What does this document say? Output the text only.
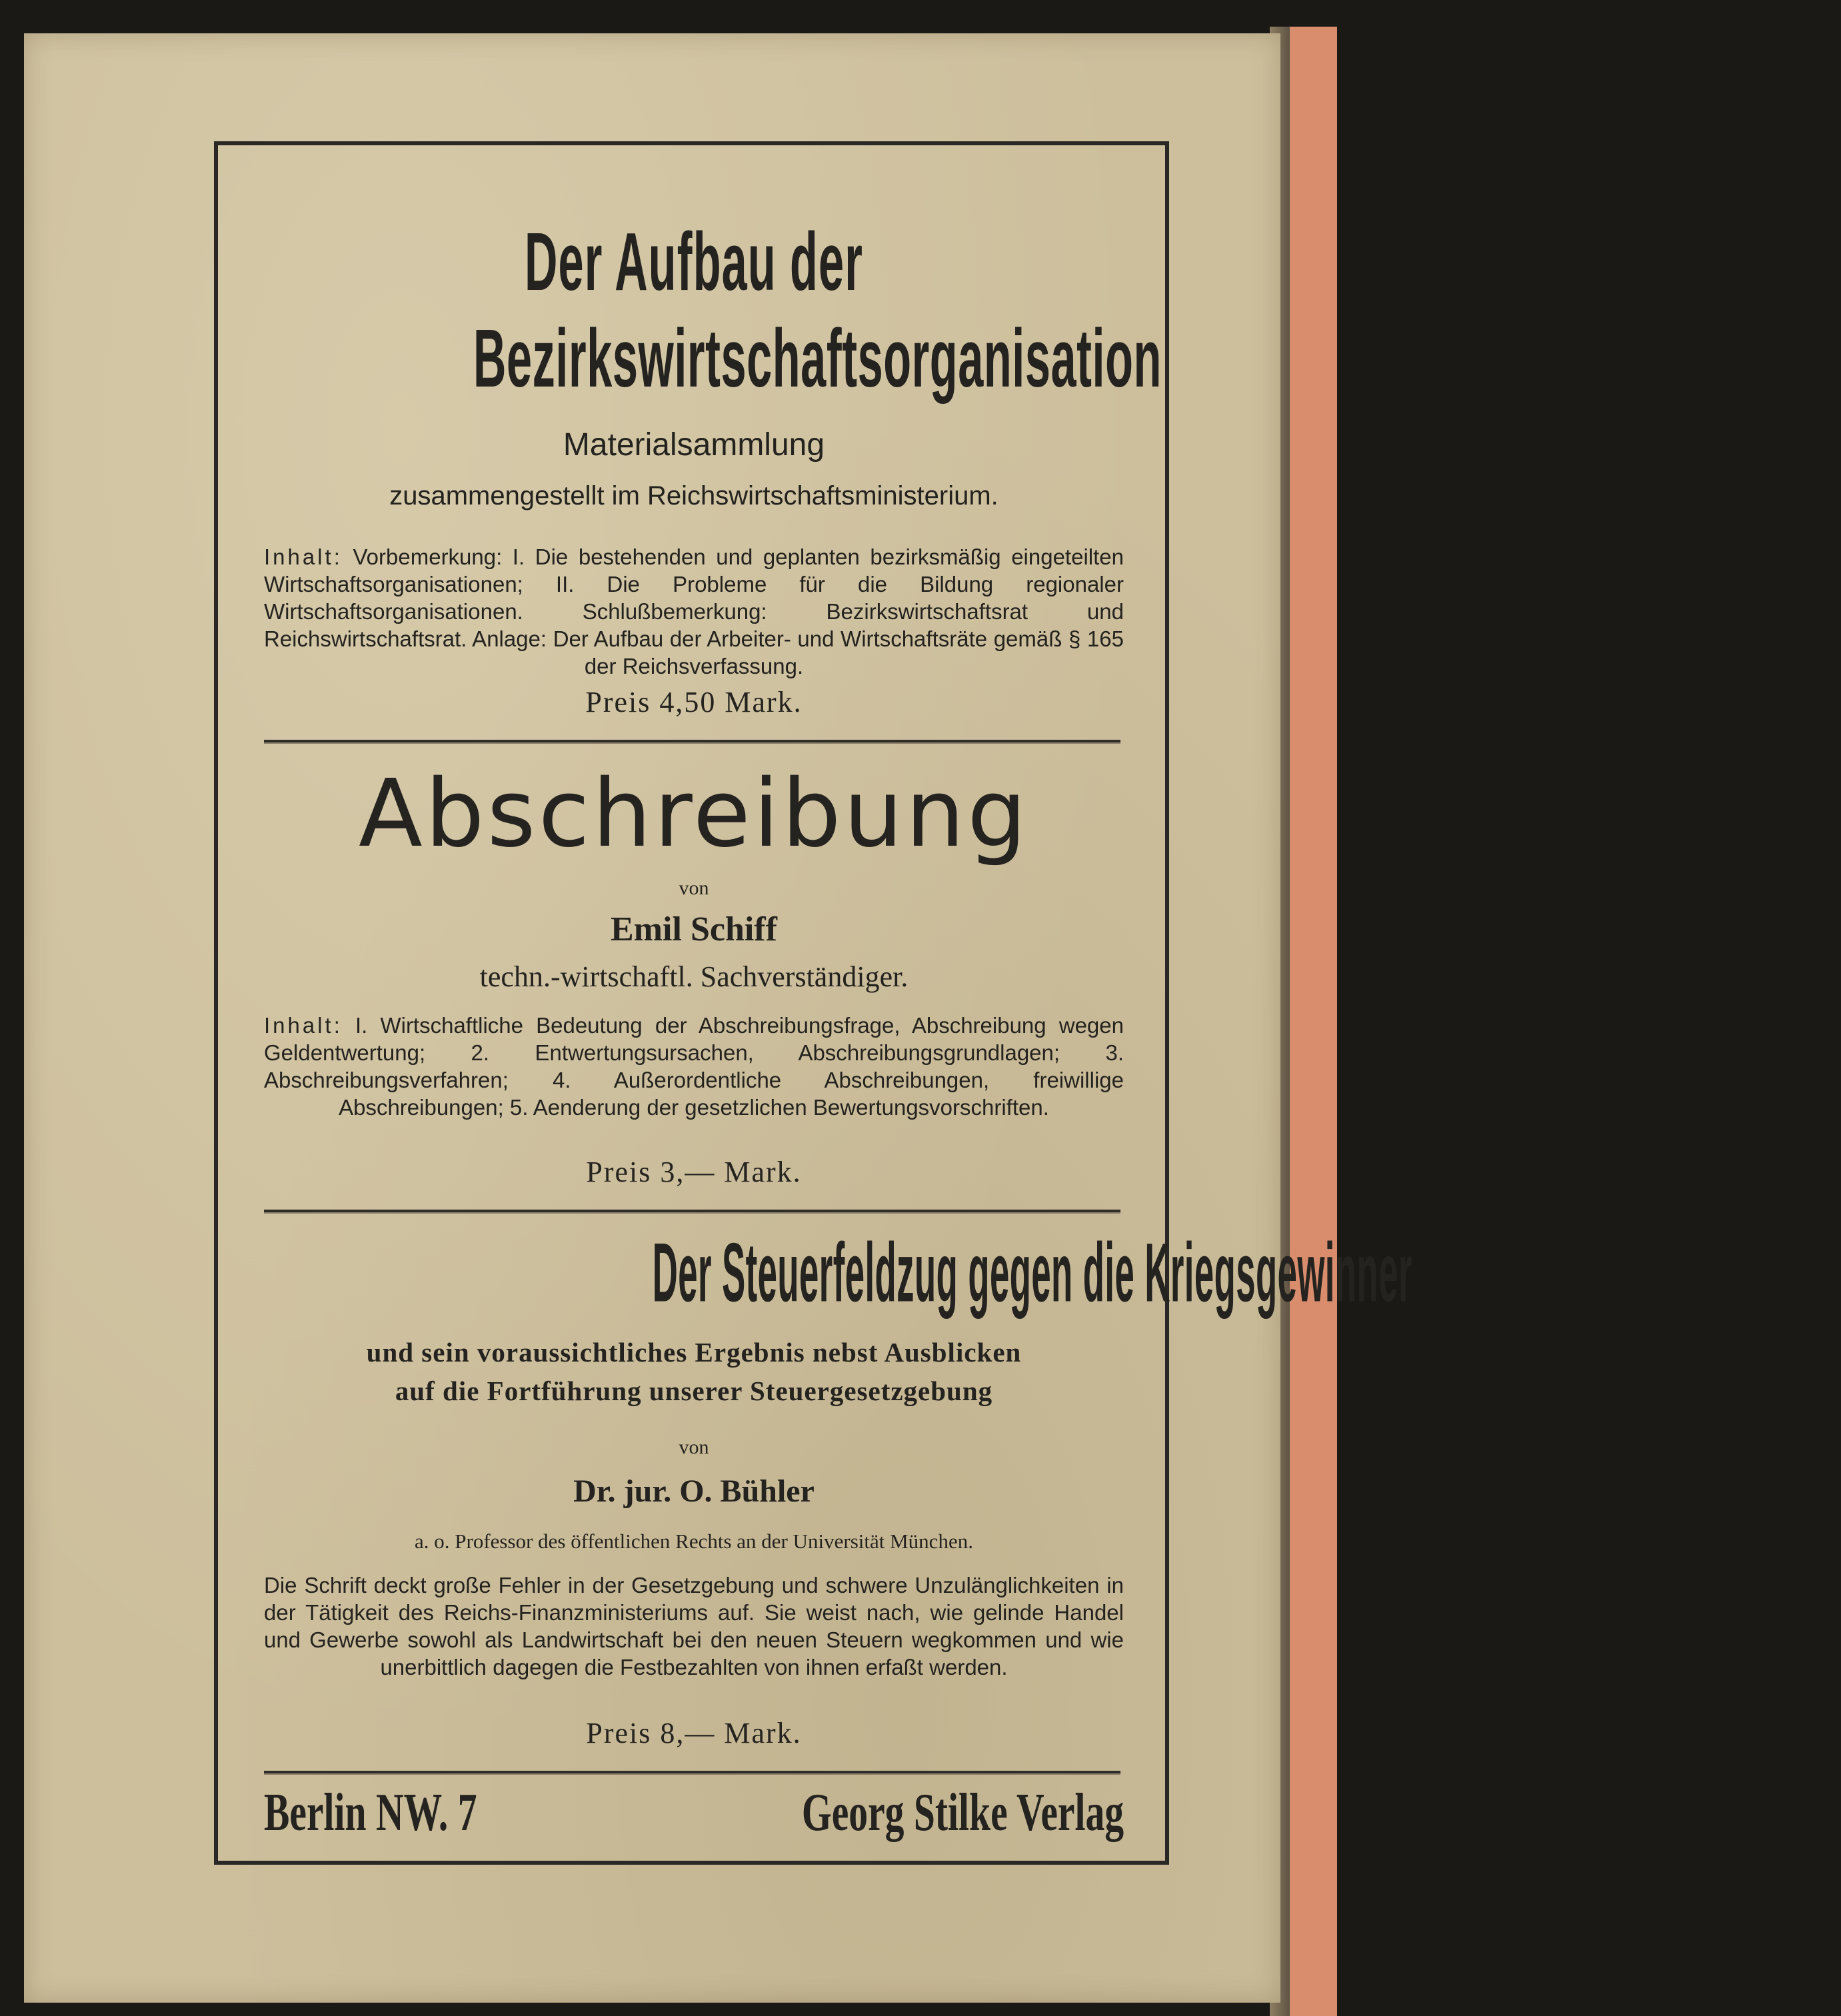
Der Aufbau der
Bezirkswirtschaftsorganisation
Materialsammlung
zusammengestellt im Reichswirtschaftsministerium.
Inhalt: Vorbemerkung: I. Die bestehenden und geplanten bezirksmäßig eingeteilten Wirtschaftsorganisationen; II. Die Probleme für die Bildung regionaler Wirtschaftsorganisationen. Schlußbemerkung: Bezirkswirtschaftsrat und Reichswirtschaftsrat. Anlage: Der Aufbau der Arbeiter- und Wirtschaftsräte gemäß § 165 der Reichsverfassung.
Preis 4,50 Mark.
Abschreibung
von
Emil Schiff
techn.-wirtschaftl. Sachverständiger.
Inhalt: I. Wirtschaftliche Bedeutung der Abschreibungsfrage, Abschreibung wegen Geldentwertung; 2. Entwertungsursachen, Abschreibungsgrundlagen; 3. Abschreibungsverfahren; 4. Außerordentliche Abschreibungen, freiwillige Abschreibungen; 5. Aenderung der gesetzlichen Bewertungsvorschriften.
Preis 3,— Mark.
Der Steuerfeldzug gegen die Kriegsgewinner
und sein voraussichtliches Ergebnis nebst Ausblicken
auf die Fortführung unserer Steuergesetzgebung
von
Dr. jur. O. Bühler
a. o. Professor des öffentlichen Rechts an der Universität München.
Die Schrift deckt große Fehler in der Gesetzgebung und schwere Unzulänglichkeiten in der Tätigkeit des Reichs-Finanzministeriums auf. Sie weist nach, wie gelinde Handel und Gewerbe sowohl als Landwirtschaft bei den neuen Steuern wegkommen und wie unerbittlich dagegen die Festbezahlten von ihnen erfaßt werden.
Preis 8,— Mark.
Berlin NW. 7	Georg Stilke Verlag
